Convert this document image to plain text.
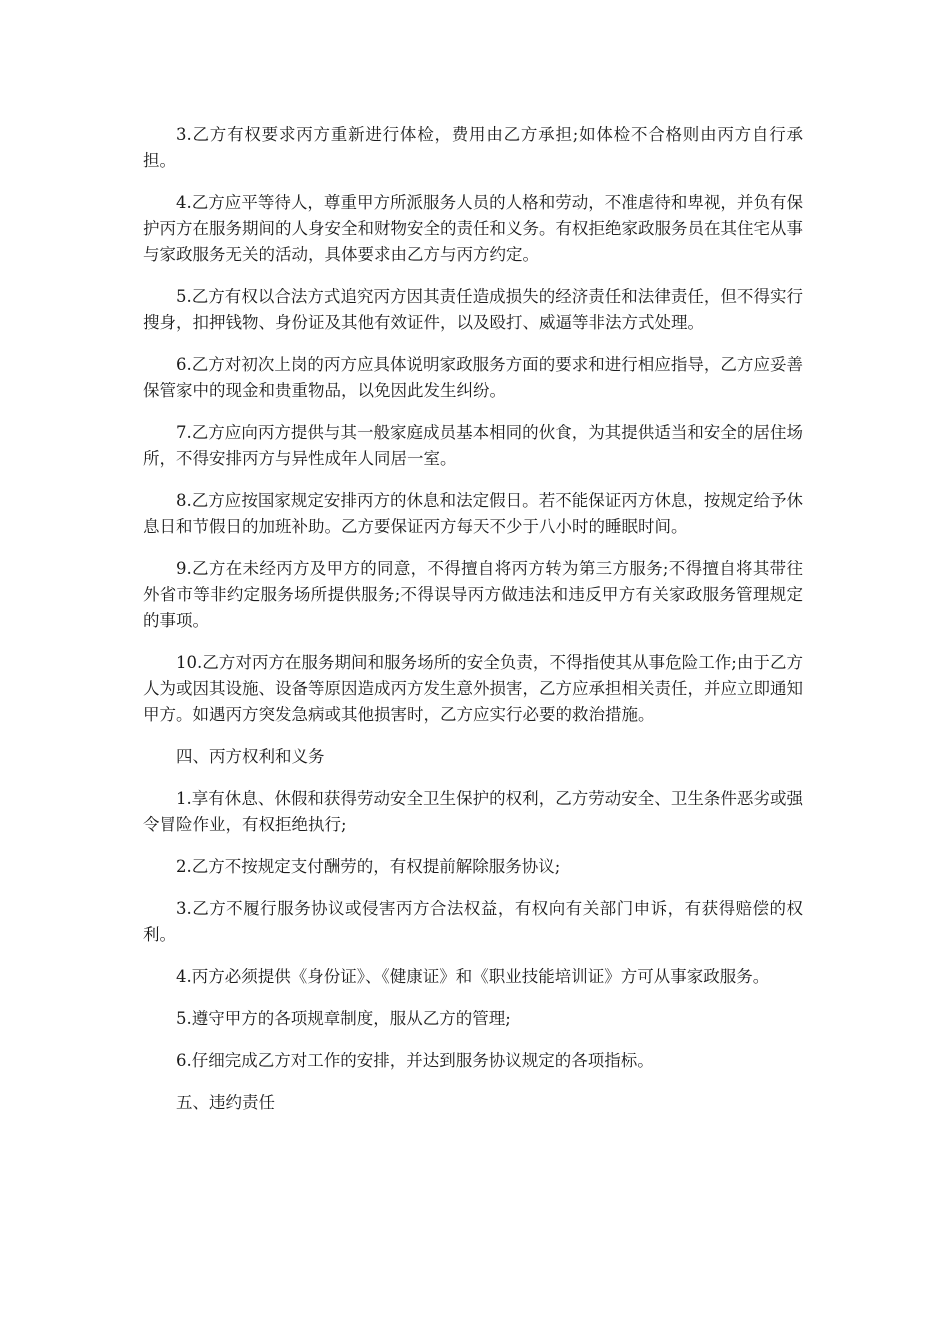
3.乙方有权要求丙方重新进行体检，费用由乙方承担;如体检不合格则由丙方自行承担。

4.乙方应平等待人，尊重甲方所派服务人员的人格和劳动，不准虐待和卑视，并负有保护丙方在服务期间的人身安全和财物安全的责任和义务。有权拒绝家政服务员在其住宅从事与家政服务无关的活动，具体要求由乙方与丙方约定。

5.乙方有权以合法方式追究丙方因其责任造成损失的经济责任和法律责任，但不得实行搜身，扣押钱物、身份证及其他有效证件，以及殴打、威逼等非法方式处理。

6.乙方对初次上岗的丙方应具体说明家政服务方面的要求和进行相应指导，乙方应妥善保管家中的现金和贵重物品，以免因此发生纠纷。

7.乙方应向丙方提供与其一般家庭成员基本相同的伙食，为其提供适当和安全的居住场所，不得安排丙方与异性成年人同居一室。

8.乙方应按国家规定安排丙方的休息和法定假日。若不能保证丙方休息，按规定给予休息日和节假日的加班补助。乙方要保证丙方每天不少于八小时的睡眠时间。

9.乙方在未经丙方及甲方的同意，不得擅自将丙方转为第三方服务;不得擅自将其带往外省市等非约定服务场所提供服务;不得误导丙方做违法和违反甲方有关家政服务管理规定的事项。

10.乙方对丙方在服务期间和服务场所的安全负责，不得指使其从事危险工作;由于乙方人为或因其设施、设备等原因造成丙方发生意外损害，乙方应承担相关责任，并应立即通知甲方。如遇丙方突发急病或其他损害时，乙方应实行必要的救治措施。

四、丙方权利和义务

1.享有休息、休假和获得劳动安全卫生保护的权利，乙方劳动安全、卫生条件恶劣或强令冒险作业，有权拒绝执行;

2.乙方不按规定支付酬劳的，有权提前解除服务协议;

3.乙方不履行服务协议或侵害丙方合法权益，有权向有关部门申诉，有获得赔偿的权利。

4.丙方必须提供《身份证》、《健康证》和《职业技能培训证》方可从事家政服务。

5.遵守甲方的各项规章制度，服从乙方的管理;

6.仔细完成乙方对工作的安排，并达到服务协议规定的各项指标。

五、违约责任
